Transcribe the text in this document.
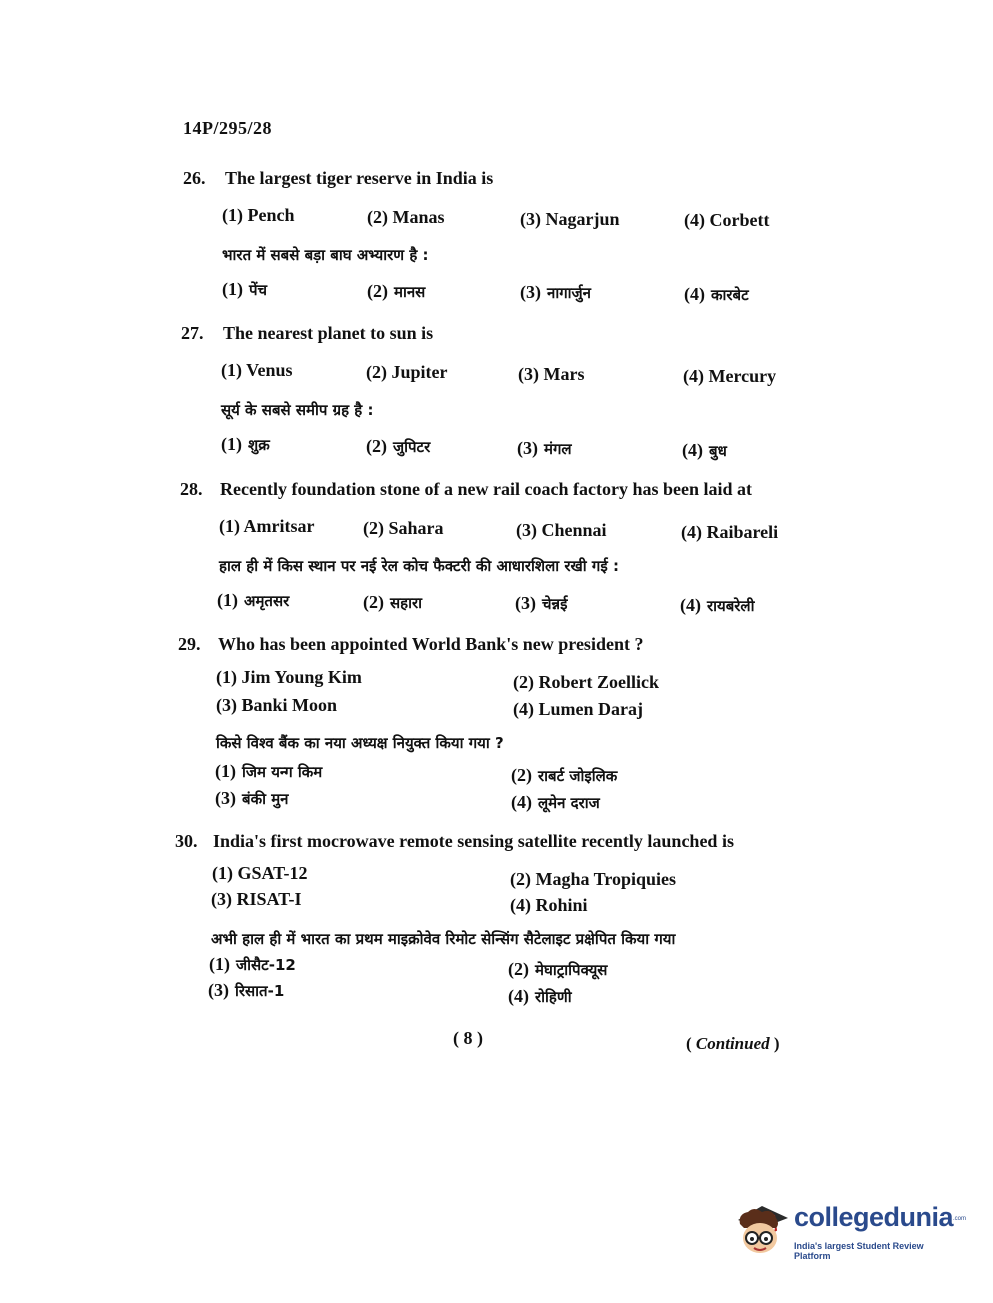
14P/295/28
26. The largest tiger reserve in India is
(1) Pench	(2) Manas	(3) Nagarjun	(4) Corbett
भारत में सबसे बड़ा बाघ अभ्यारण है :
(1) पेंच	(2) मानस	(3) नागार्जुन	(4) कारबेट
27. The nearest planet to sun is
(1) Venus	(2) Jupiter	(3) Mars	(4) Mercury
सूर्य के सबसे समीप ग्रह है :
(1) शुक्र	(2) जुपिटर	(3) मंगल	(4) बुध
28. Recently foundation stone of a new rail coach factory has been laid at
(1) Amritsar	(2) Sahara	(3) Chennai	(4) Raibareli
हाल ही में किस स्थान पर नई रेल कोच फैक्टरी की आधारशिला रखी गई :
(1) अमृतसर	(2) सहारा	(3) चेन्नई	(4) रायबरेली
29. Who has been appointed World Bank's new president ?
(1) Jim Young Kim	(2) Robert Zoellick
(3) Banki Moon	(4) Lumen Daraj
किसे विश्व बैंक का नया अध्यक्ष नियुक्त किया गया ?
(1) जिम यन्ग किम	(2) राबर्ट जोइलिक
(3) बंकी मुन	(4) लूमेन दराज
30. India's first mocrowave remote sensing satellite recently launched is
(1) GSAT-12	(2) Magha Tropiquies
(3) RISAT-I	(4) Rohini
अभी हाल ही में भारत का प्रथम माइक्रोवेव रिमोट सेन्सिंग सैटेलाइट प्रक्षेपित किया गया
(1) जीसैट-12	(2) मेघाट्रापिक्यूस
(3) रिसात-1	(4) रोहिणी
( 8 )	( Continued )
collegedunia .com
India's largest Student Review Platform
